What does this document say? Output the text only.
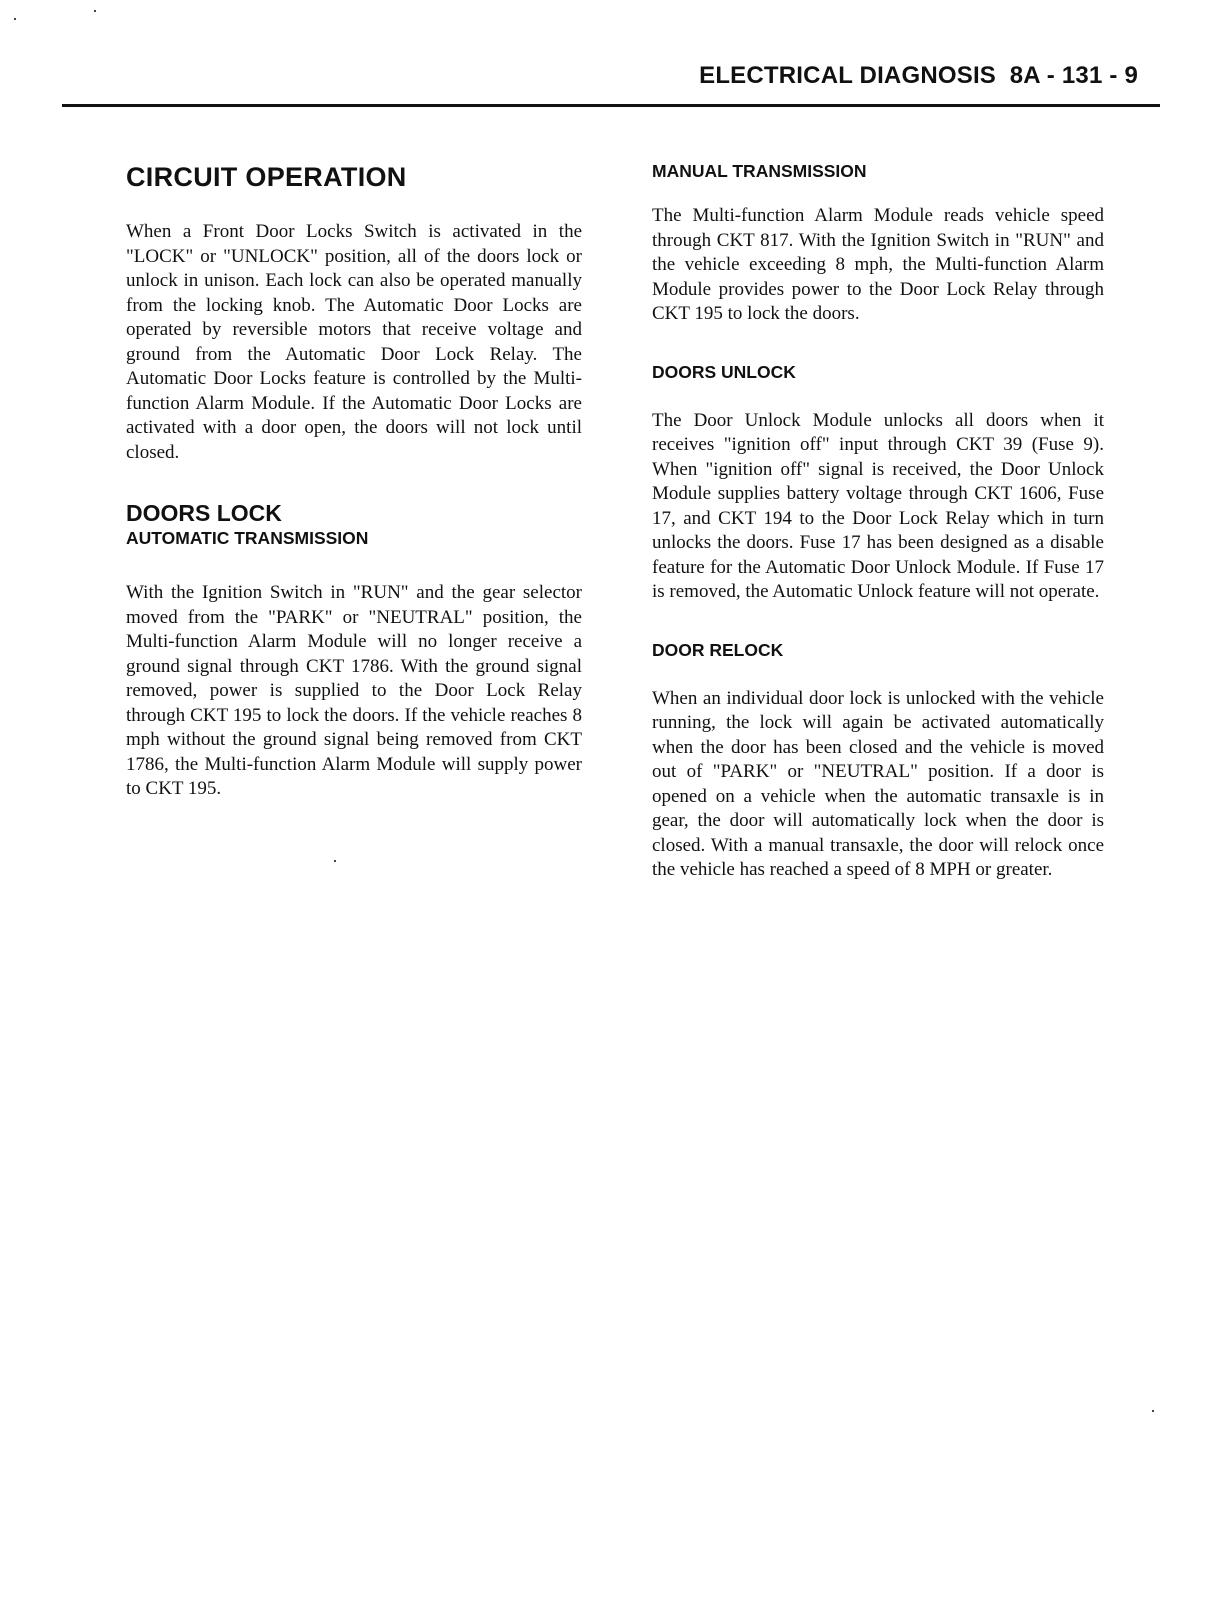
ELECTRICAL DIAGNOSIS  8A - 131 - 9
CIRCUIT OPERATION

When a Front Door Locks Switch is activated in the "LOCK" or "UNLOCK" position, all of the doors lock or unlock in unison. Each lock can also be operated manually from the locking knob. The Automatic Door Locks are operated by reversible motors that receive voltage and ground from the Automatic Door Lock Relay. The Automatic Door Locks feature is controlled by the Multi-function Alarm Module. If the Automatic Door Locks are activated with a door open, the doors will not lock until closed.

DOORS LOCK
AUTOMATIC TRANSMISSION

With the Ignition Switch in "RUN" and the gear selector moved from the "PARK" or "NEUTRAL" position, the Multi-function Alarm Module will no longer receive a ground signal through CKT 1786. With the ground signal removed, power is supplied to the Door Lock Relay through CKT 195 to lock the doors. If the vehicle reaches 8 mph without the ground signal being removed from CKT 1786, the Multi-function Alarm Module will supply power to CKT 195.

MANUAL TRANSMISSION

The Multi-function Alarm Module reads vehicle speed through CKT 817. With the Ignition Switch in "RUN" and the vehicle exceeding 8 mph, the Multi-function Alarm Module provides power to the Door Lock Relay through CKT 195 to lock the doors.

DOORS UNLOCK

The Door Unlock Module unlocks all doors when it receives "ignition off" input through CKT 39 (Fuse 9). When "ignition off" signal is received, the Door Unlock Module supplies battery voltage through CKT 1606, Fuse 17, and CKT 194 to the Door Lock Relay which in turn unlocks the doors. Fuse 17 has been designed as a disable feature for the Automatic Door Unlock Module. If Fuse 17 is removed, the Automatic Unlock feature will not operate.

DOOR RELOCK

When an individual door lock is unlocked with the vehicle running, the lock will again be activated automatically when the door has been closed and the vehicle is moved out of "PARK" or "NEUTRAL" position. If a door is opened on a vehicle when the automatic transaxle is in gear, the door will automatically lock when the door is closed. With a manual transaxle, the door will relock once the vehicle has reached a speed of 8 MPH or greater.
